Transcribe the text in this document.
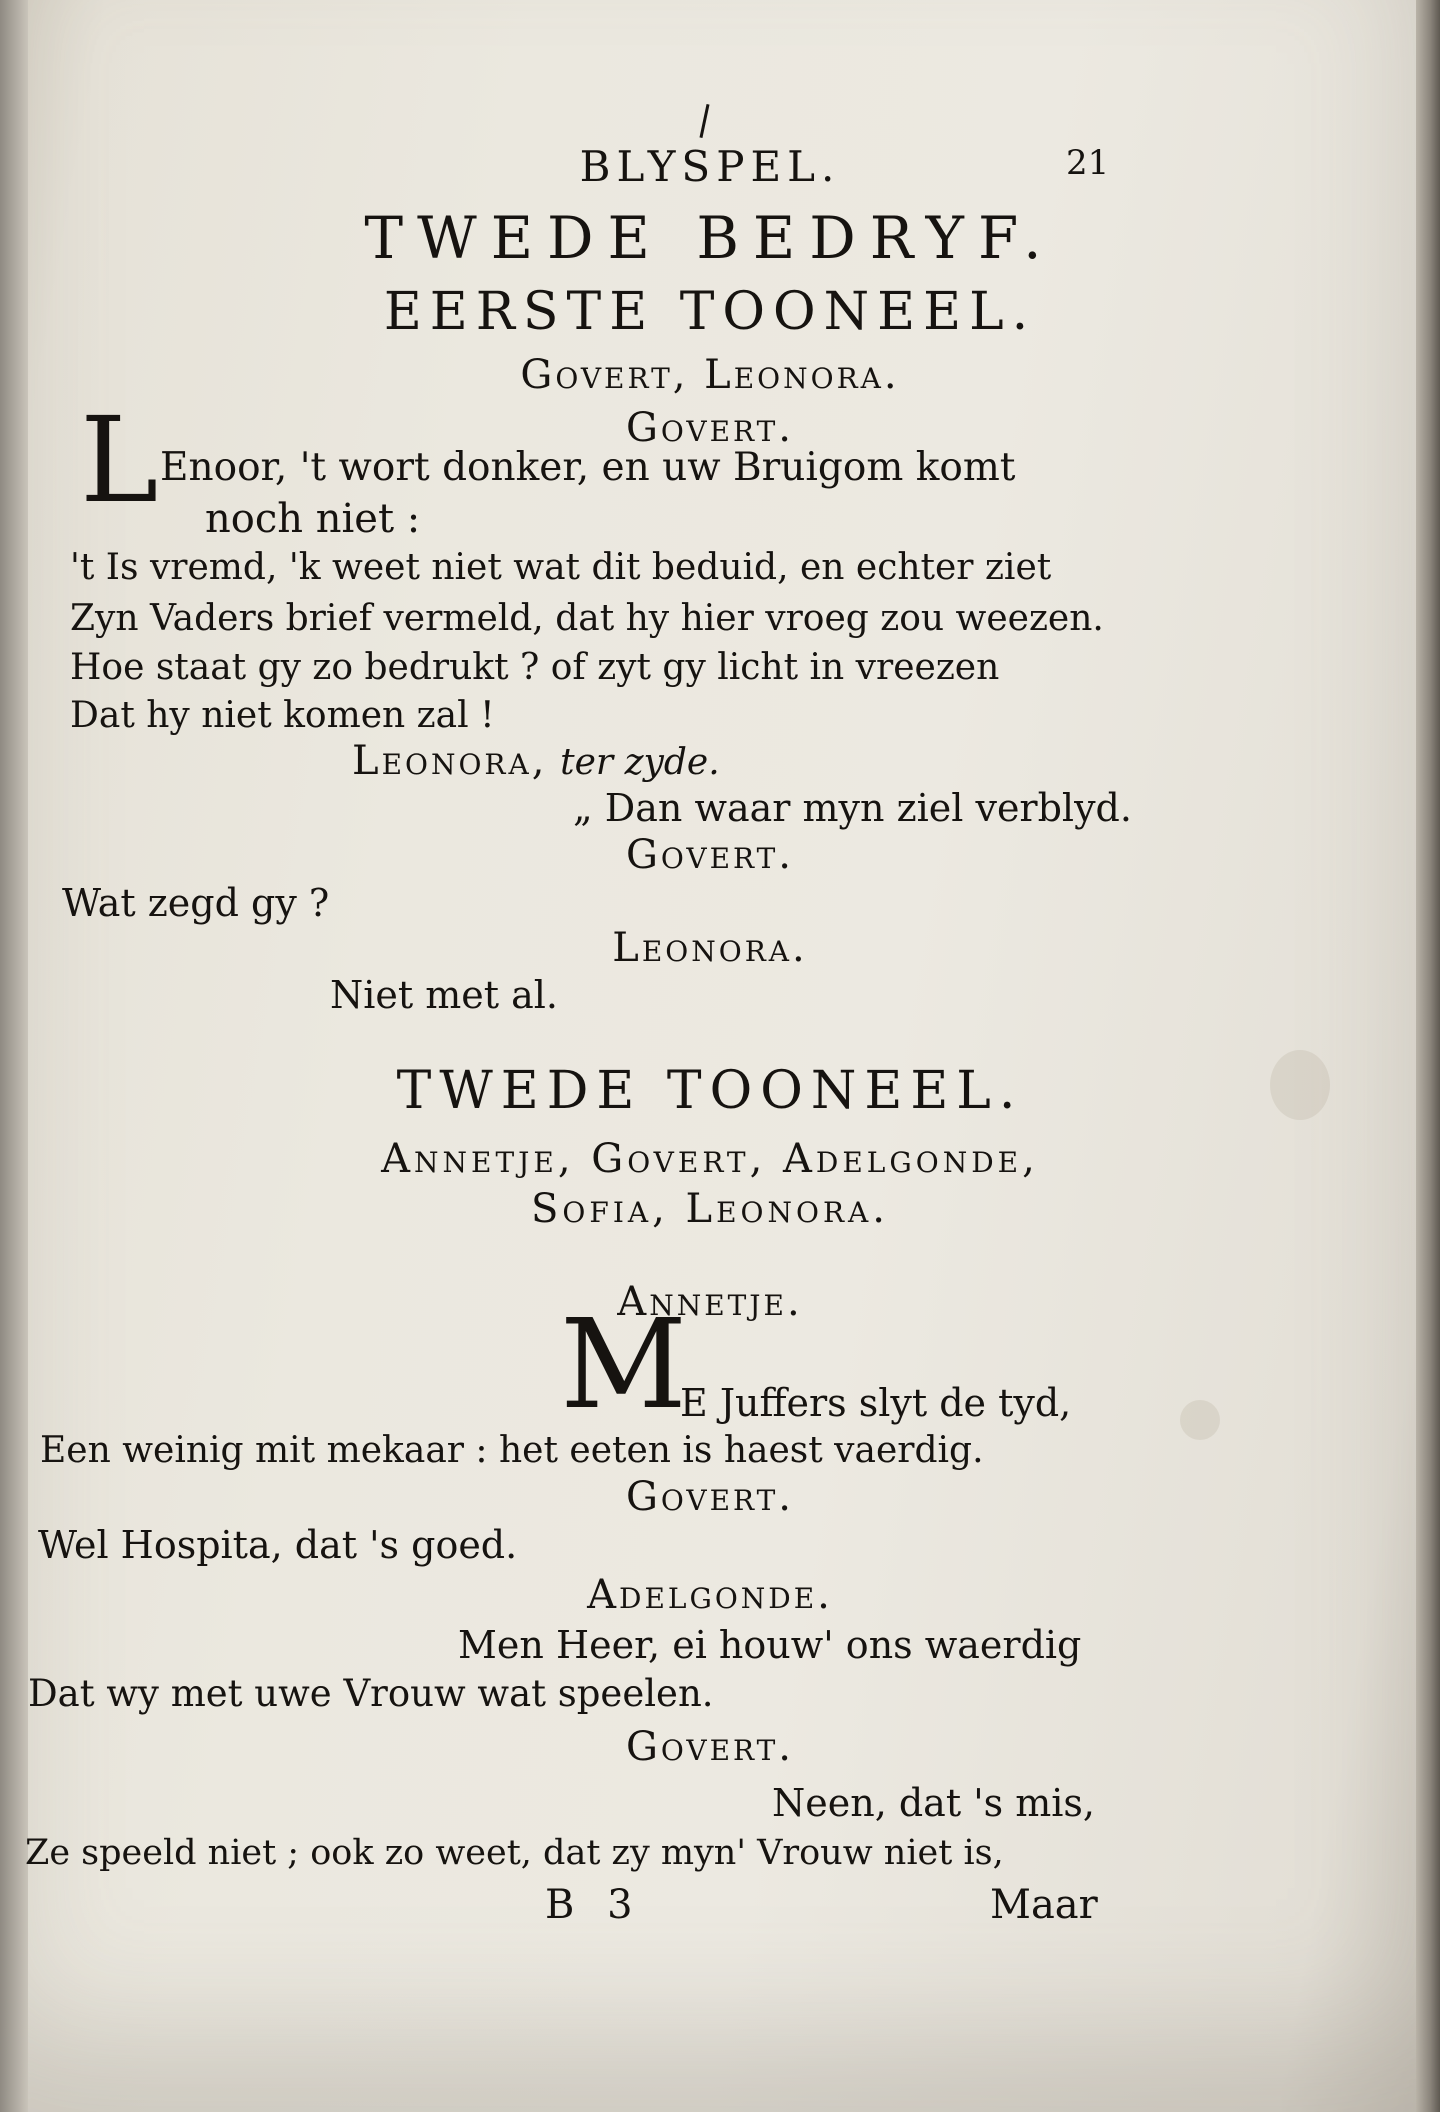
BLYSPEL.	21
TWEDE BEDRYF.
EERSTE TOONEEL.
Govert, Leonora.
Govert.
L Enoor, 't wort donker, en uw Bruigom komt
noch niet :
't Is vremd, 'k weet niet wat dit beduid, en echter ziet
Zyn Vaders brief vermeld, dat hy hier vroeg zou weezen.
Hoe staat gy zo bedrukt ? of zyt gy licht in vreezen
Dat hy niet komen zal !
Leonora, ter zyde.
„ Dan waar myn ziel verblyd.
Govert.
Wat zegd gy ?
Leonora.
Niet met al.
TWEDE TOONEEL.
Annetje, Govert, Adelgonde,
Sofia, Leonora.
Annetje.
M
E Juffers slyt de tyd,
Een weinig mit mekaar : het eeten is haest vaerdig.
Govert.
Wel Hospita, dat 's goed.
Adelgonde.
Men Heer, ei houw' ons waerdig
Dat wy met uwe Vrouw wat speelen.
Govert.
Neen, dat 's mis,
Ze speeld niet ; ook zo weet, dat zy myn' Vrouw niet is,
B 3	Maar
